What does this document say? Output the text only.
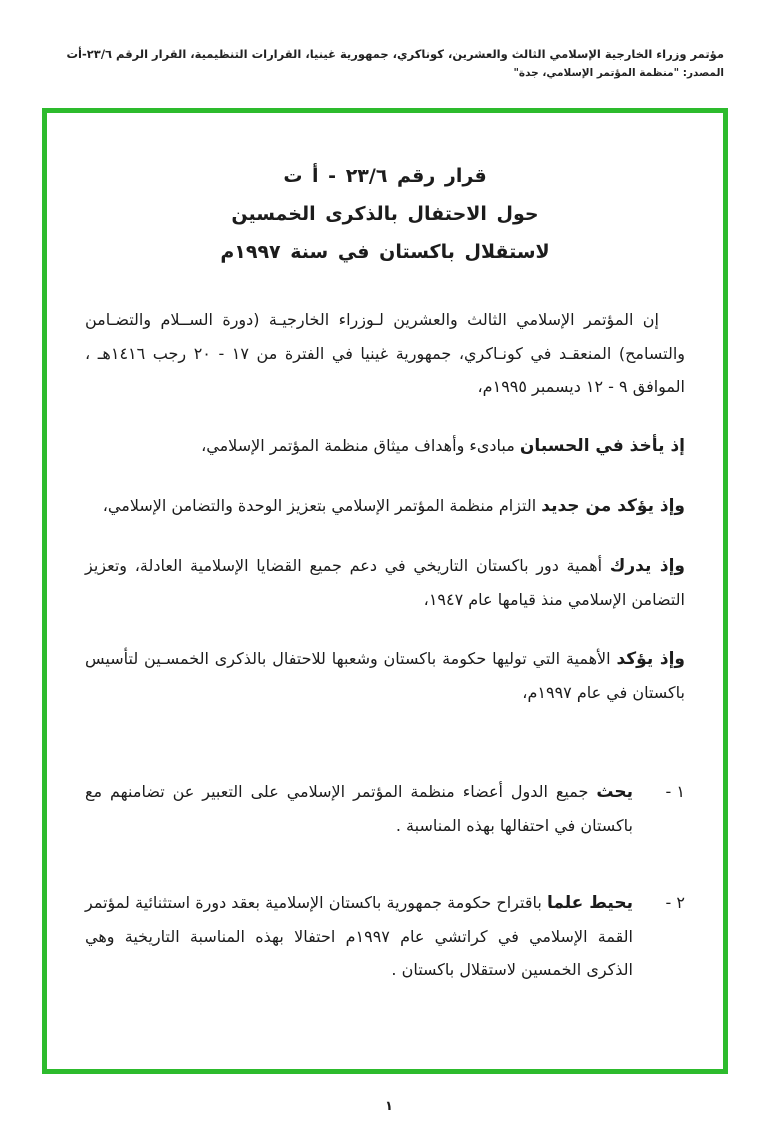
مؤتمر وزراء الخارجية الإسلامي الثالث والعشرين، كوناكري، جمهورية غينيا، القرارات التنظيمية، القرار الرقم ٢٣/٦-أت
المصدر: "منظمة المؤتمر الإسلامي، جدة"
قرار رقم ٢٣/٦ - أ ت
حول الاحتفال بالذكرى الخمسين
لاستقلال باكستان في سنة ١٩٩٧م

إن المؤتمر الإسلامي الثالث والعشرين لـوزراء الخارجيـة (دورة الســلام والتضـامن والتسامح) المنعقـد في كونـاكري، جمهورية غينيا في الفترة من ١٧ - ٢٠ رجب ١٤١٦هـ ، الموافق ٩ - ١٢ ديسمبر ١٩٩٥م،

إذ يأخذ في الحسبان مبادىء وأهداف ميثاق منظمة المؤتمر الإسلامي،

وإذ يؤكد من جديد التزام منظمة المؤتمر الإسلامي بتعزيز الوحدة والتضامن الإسلامي،

وإذ يدرك أهمية دور باكستان التاريخي في دعم جميع القضايا الإسلامية العادلة، وتعزيز التضامن الإسلامي منذ قيامها عام ١٩٤٧،

وإذ يؤكد الأهمية التي توليها حكومة باكستان وشعبها للاحتفال بالذكرى الخمسـين لتأسيس باكستان في عام ١٩٩٧م،

١ -
يحث جميع الدول أعضاء منظمة المؤتمر الإسلامي على التعبير عن تضامنهم مع باكستان في احتفالها بهذه المناسبة .
٢ -
يحيط علما باقتراح حكومة جمهورية باكستان الإسلامية بعقد دورة استثنائية لمؤتمر القمة الإسلامي في كراتشي عام ١٩٩٧م احتفالا بهذه المناسبة التاريخية وهي الذكرى الخمسين لاستقلال باكستان .
١
